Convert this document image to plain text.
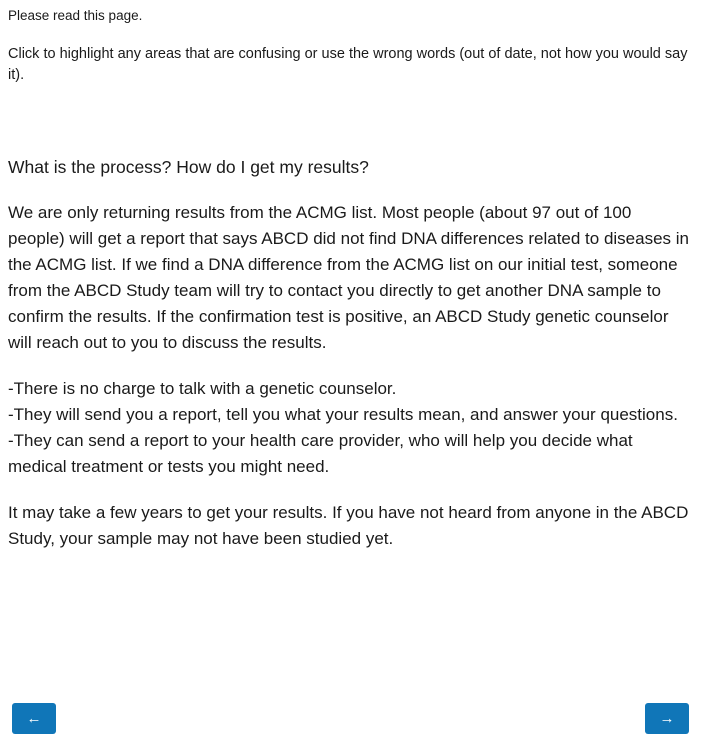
Please read this page.

Click to highlight any areas that are confusing or use the wrong words (out of date, not how you would say it).

What is the process? How do I get my results?

We are only returning results from the ACMG list. Most people (about 97 out of 100 people) will get a report that says ABCD did not find DNA differences related to diseases in the ACMG list. If we find a DNA difference from the ACMG list on our initial test, someone from the ABCD Study team will try to contact you directly to get another DNA sample to confirm the results. If the confirmation test is positive, an ABCD Study genetic counselor will reach out to you to discuss the results.

-There is no charge to talk with a genetic counselor.
-They will send you a report, tell you what your results mean, and answer your questions.
-They can send a report to your health care provider, who will help you decide what medical treatment or tests you might need.

It may take a few years to get your results. If you have not heard from anyone in the ABCD Study, your sample may not have been studied yet.

←	→
